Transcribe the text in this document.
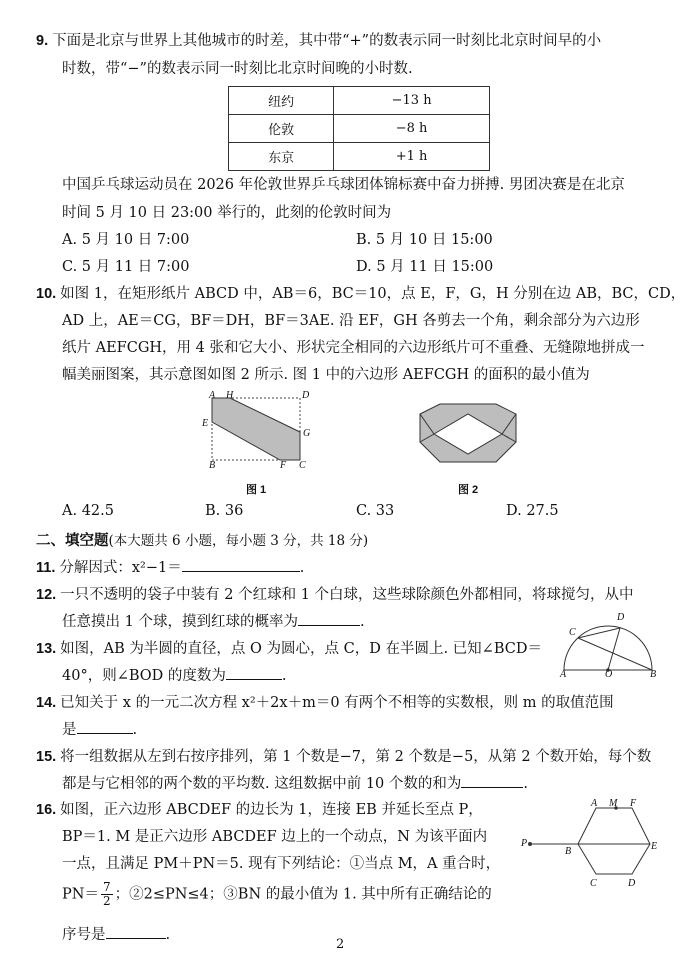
9. 下面是北京与世界上其他城市的时差，其中带“+”的数表示同一时刻比北京时间早的小
时数，带“−”的数表示同一时刻比北京时间晚的小时数.
纽约	−13 h
伦敦	−8 h
东京	+1 h
中国乒乓球运动员在 2026 年伦敦世界乒乓球团体锦标赛中奋力拼搏. 男团决赛是在北京
时间 5 月 10 日 23:00 举行的，此刻的伦敦时间为
A. 5 月 10 日 7:00	B. 5 月 10 日 15:00
C. 5 月 11 日 7:00	D. 5 月 11 日 15:00
10. 如图 1，在矩形纸片 ABCD 中，AB＝6，BC＝10，点 E，F，G，H 分别在边 AB，BC，CD，
AD 上，AE＝CG，BF＝DH，BF＝3AE. 沿 EF，GH 各剪去一个角，剩余部分为六边形
纸片 AEFCGH，用 4 张和它大小、形状完全相同的六边形纸片可不重叠、无缝隙地拼成一
幅美丽图案，其示意图如图 2 所示. 图 1 中的六边形 AEFCGH 的面积的最小值为
A H	D
E
G
B	F C
图 1	图 2
A. 42.5	B. 36	C. 33	D. 27.5
二、填空题(本大题共 6 小题，每小题 3 分，共 18 分)
11. 分解因式：x²−1＝	.
12. 一只不透明的袋子中装有 2 个红球和 1 个白球，这些球除颜色外都相同，将球搅匀，从中
任意摸出 1 个球，摸到红球的概率为	.
13. 如图，AB 为半圆的直径，点 O 为圆心，点 C，D 在半圆上. 已知∠BCD＝
40°，则∠BOD 的度数为	.
C
D
A	O	B
14. 已知关于 x 的一元二次方程 x²＋2x＋m＝0 有两个不相等的实数根，则 m 的取值范围
是	.
15. 将一组数据从左到右按序排列，第 1 个数是−7，第 2 个数是−5，从第 2 个数开始，每个数
都是与它相邻的两个数的平均数. 这组数据中前 10 个数的和为	.
16. 如图，正六边形 ABCDEF 的边长为 1，连接 EB 并延长至点 P，
BP＝1. M 是正六边形 ABCDEF 边上的一个动点，N 为该平面内
一点，且满足 PM＋PN＝5. 现有下列结论：①当点 M，A 重合时，
$PN= \frac{7}{2}$ ；②2≤PN≤4；③BN 的最小值为 1. 其中所有正确结论的
序号是	.
A M F
P
B	E
C	D
2
